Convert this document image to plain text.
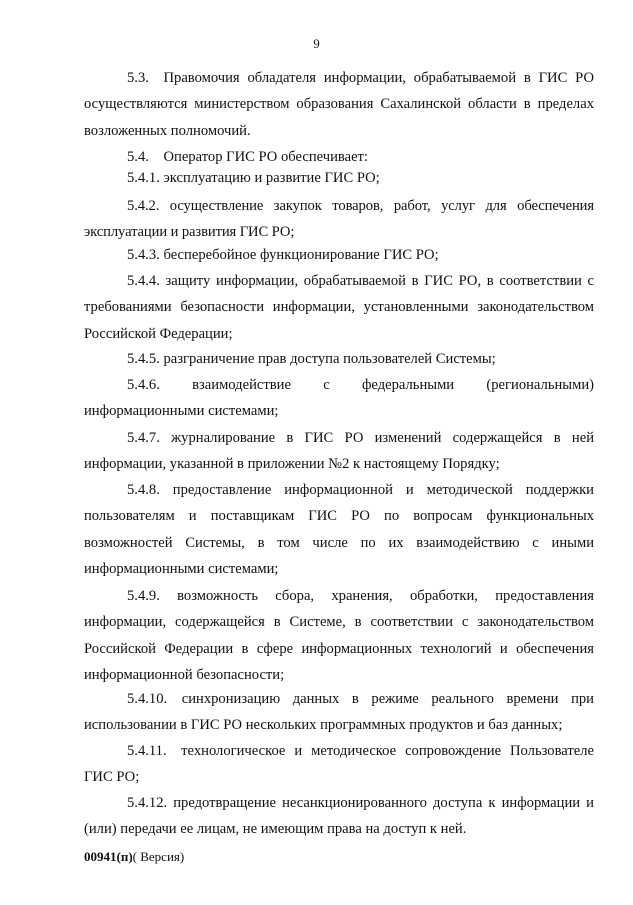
9

5.3. Правомочия обладателя информации, обрабатываемой в ГИС РО осуществляются министерством образования Сахалинской области в пределах возложенных полномочий.

5.4. Оператор ГИС РО обеспечивает:

5.4.1. эксплуатацию и развитие ГИС РО;

5.4.2. осуществление закупок товаров, работ, услуг для обеспечения эксплуатации и развития ГИС РО;

5.4.3. бесперебойное функционирование ГИС РО;

5.4.4. защиту информации, обрабатываемой в ГИС РО, в соответствии с требованиями безопасности информации, установленными законодательством Российской Федерации;

5.4.5. разграничение прав доступа пользователей Системы;

5.4.6. взаимодействие с федеральными (региональными) информационными системами;

5.4.7. журналирование в ГИС РО изменений содержащейся в ней информации, указанной в приложении №2 к настоящему Порядку;

5.4.8. предоставление информационной и методической поддержки пользователям и поставщикам ГИС РО по вопросам функциональных возможностей Системы, в том числе по их взаимодействию с иными информационными системами;

5.4.9. возможность сбора, хранения, обработки, предоставления информации, содержащейся в Системе, в соответствии с законодательством Российской Федерации в сфере информационных технологий и обеспечения информационной безопасности;

5.4.10. синхронизацию данных в режиме реального времени при использовании в ГИС РО нескольких программных продуктов и баз данных;

5.4.11. технологическое и методическое сопровождение Пользователе ГИС РО;

5.4.12. предотвращение несанкционированного доступа к информации и (или) передачи ее лицам, не имеющим права на доступ к ней.

00941(п)( Версия)
